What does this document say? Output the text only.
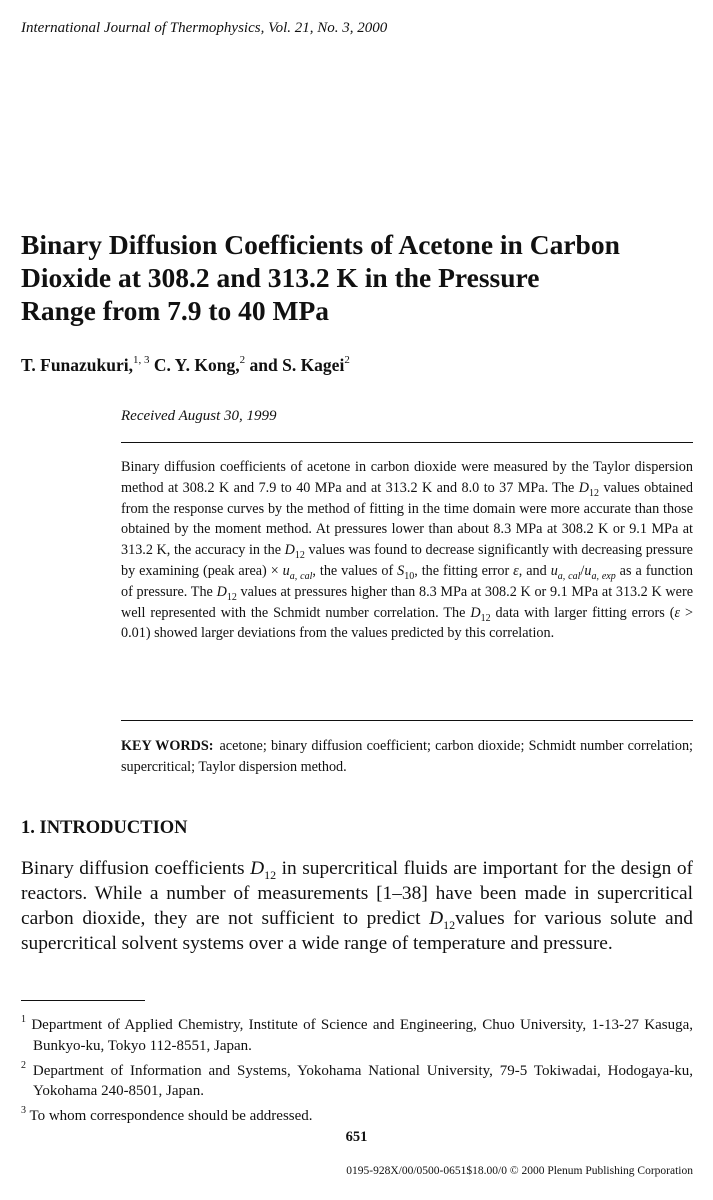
International Journal of Thermophysics, Vol. 21, No. 3, 2000
Binary Diffusion Coefficients of Acetone in Carbon
Dioxide at 308.2 and 313.2 K in the Pressure
Range from 7.9 to 40 MPa
T. Funazukuri,$^{1, 3}$ C. Y. Kong,$^2$ and S. Kagei$^2$
Received August 30, 1999
Binary diffusion coefficients of acetone in carbon dioxide were measured by the Taylor dispersion method at 308.2 K and 7.9 to 40 MPa and at 313.2 K and 8.0 to 37 MPa. The $D_{12}$ values obtained from the response curves by the method of fitting in the time domain were more accurate than those obtained by the moment method. At pressures lower than about 8.3 MPa at 308.2 K or 9.1 MPa at 313.2 K, the accuracy in the $D_{12}$ values was found to decrease significantly with decreasing pressure by examining (peak area) × $u_{a, cal}$, the values of $S_{10}$, the fitting error ε, and $u_{a, cal}/u_{a, exp}$ as a function of pressure. The $D_{12}$ values at pressures higher than 8.3 MPa at 308.2 K or 9.1 MPa at 313.2 K were well represented with the Schmidt number correlation. The $D_{12}$ data with larger fitting errors (ε > 0.01) showed larger deviations from the values predicted by this correlation.
KEY WORDS: acetone; binary diffusion coefficient; carbon dioxide; Schmidt number correlation; supercritical; Taylor dispersion method.
1. INTRODUCTION
Binary diffusion coefficients $D_{12}$ in supercritical fluids are important for the design of reactors. While a number of measurements [1–38] have been made in supercritical carbon dioxide, they are not sufficient to predict $D_{12}values$ for various solute and supercritical solvent systems over a wide range of temperature and pressure.
$^1$ Department of Applied Chemistry, Institute of Science and Engineering, Chuo University, 1-13-27 Kasuga, Bunkyo-ku, Tokyo 112-8551, Japan.
$^2$ Department of Information and Systems, Yokohama National University, 79-5 Tokiwadai, Hodogaya-ku, Yokohama 240-8501, Japan.
$^3$ To whom correspondence should be addressed.
651
0195-928X/00/0500-0651$18.00/0 © 2000 Plenum Publishing Corporation
